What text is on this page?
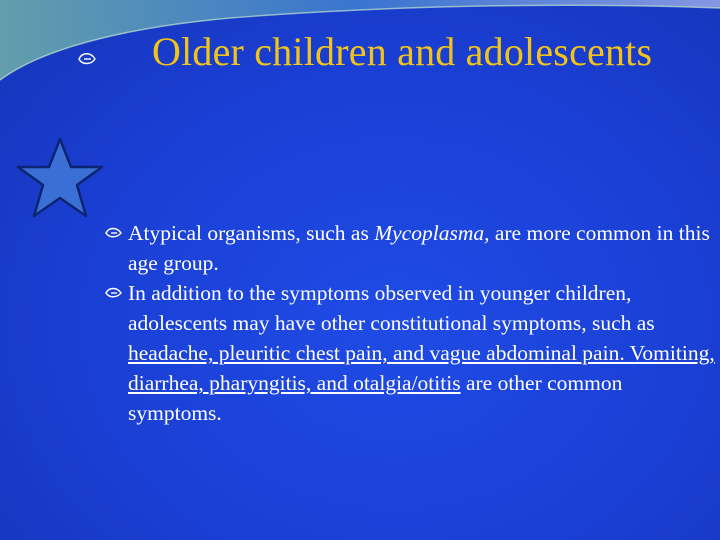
Older children and adolescents

Atypical organisms, such as Mycoplasma, are more common in this age group.

In addition to the symptoms observed in younger children, adolescents may have other constitutional symptoms, such as headache, pleuritic chest pain, and vague abdominal pain. Vomiting, diarrhea, pharyngitis, and otalgia/otitis are other common symptoms.
